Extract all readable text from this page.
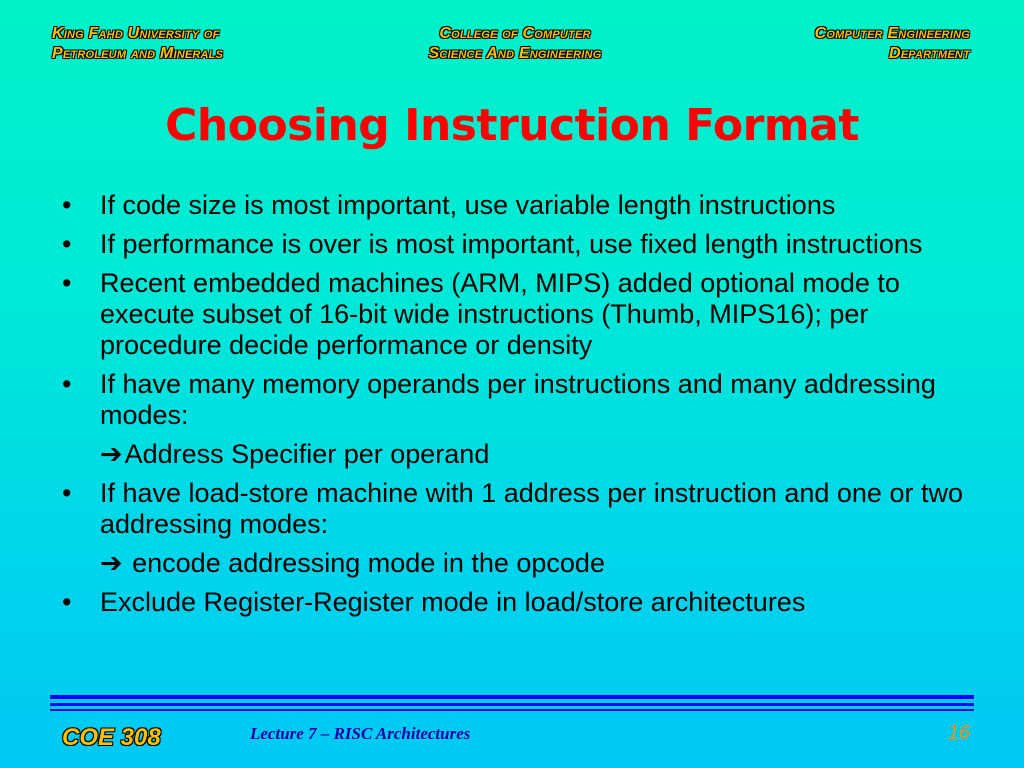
King Fahd University of
Petroleum and Minerals
College of Computer
Science And Engineering
Computer Engineering
Department
Choosing Instruction Format
• If code size is most important, use variable length instructions
• If performance is over is most important, use fixed length instructions
• Recent embedded machines (ARM, MIPS) added optional mode to execute subset of 16-bit wide instructions (Thumb, MIPS16); per procedure decide performance or density
• If have many memory operands per instructions and many addressing modes:
➔Address Specifier per operand
• If have load-store machine with 1 address per instruction and one or two addressing modes:
➔ encode addressing mode in the opcode
• Exclude Register-Register mode in load/store architectures
COE 308	Lecture 7 – RISC Architectures	16
